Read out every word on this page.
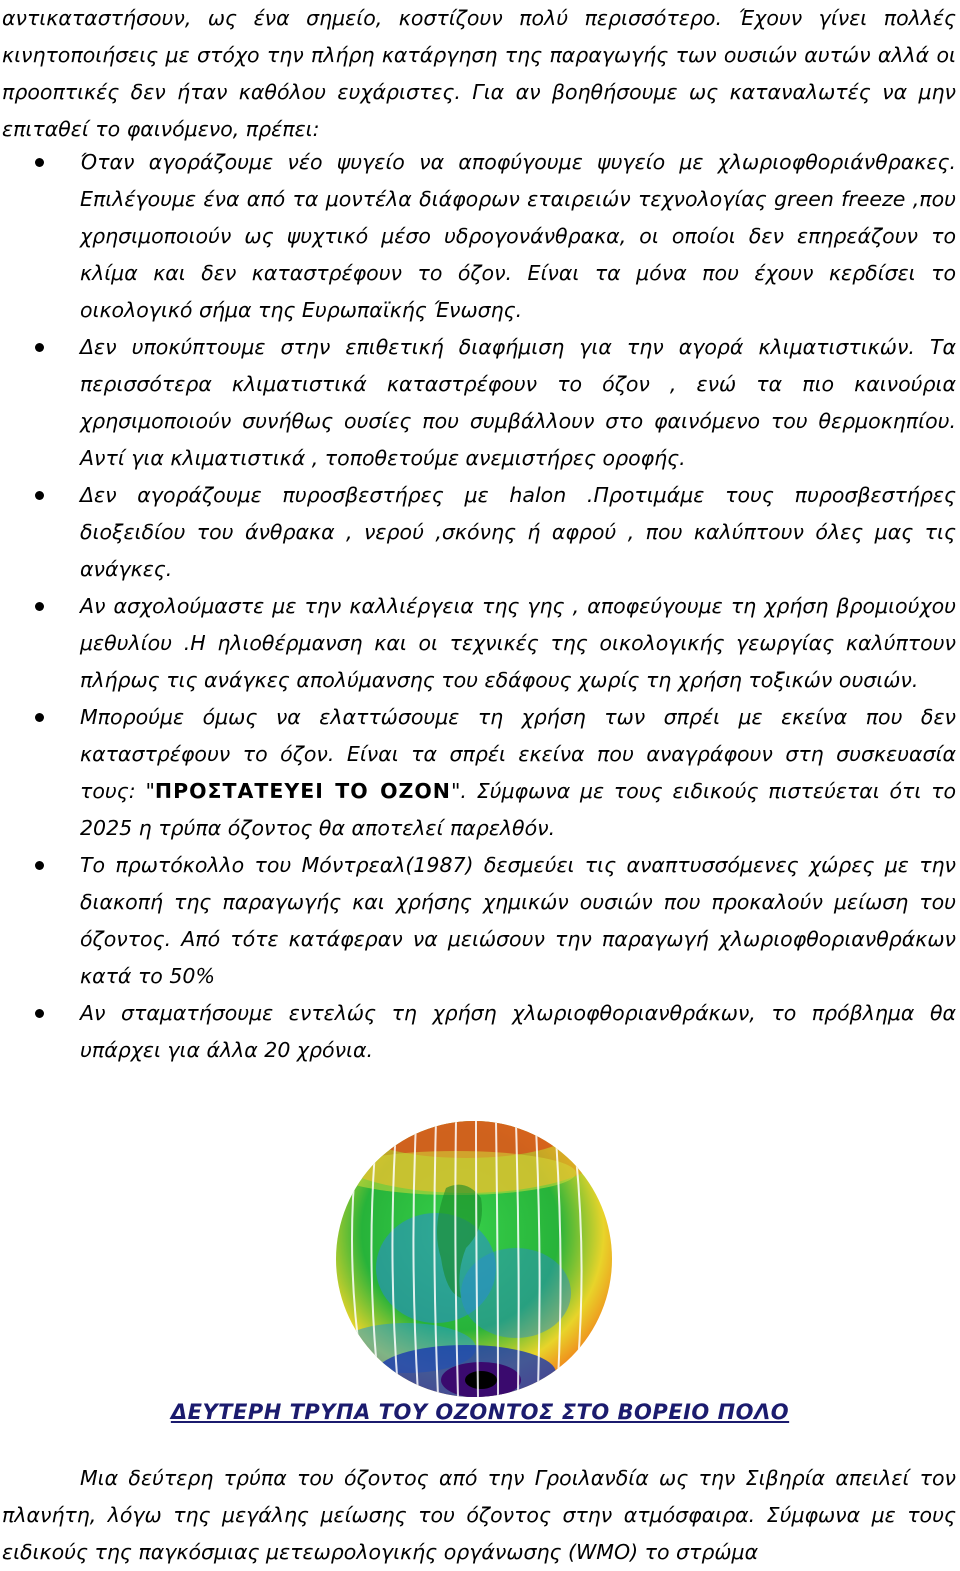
αντικαταστήσουν, ως ένα σημείο, κοστίζουν πολύ περισσότερο. Έχουν γίνει πολλές κινητοποιήσεις με στόχο την πλήρη κατάργηση της παραγωγής των ουσιών αυτών αλλά οι προοπτικές δεν ήταν καθόλου ευχάριστες. Για αν βοηθήσουμε ως καταναλωτές να μην επιταθεί το φαινόμενο, πρέπει:

Όταν αγοράζουμε νέο ψυγείο να αποφύγουμε ψυγείο με χλωριοφθοριάνθρακες. Επιλέγουμε ένα από τα μοντέλα διάφορων εταιρειών τεχνολογίας green freeze ,που χρησιμοποιούν ως ψυχτικό μέσο υδρογονάνθρακα, οι οποίοι δεν επηρεάζουν το κλίμα και δεν καταστρέφουν το όζον. Είναι τα μόνα που έχουν κερδίσει το οικολογικό σήμα της Ευρωπαϊκής Ένωσης.
Δεν υποκύπτουμε στην επιθετική διαφήμιση για την αγορά κλιματιστικών. Τα περισσότερα κλιματιστικά καταστρέφουν το όζον , ενώ τα πιο καινούρια χρησιμοποιούν συνήθως ουσίες που συμβάλλουν στο φαινόμενο του θερμοκηπίου. Αντί για κλιματιστικά , τοποθετούμε ανεμιστήρες οροφής.
Δεν αγοράζουμε πυροσβεστήρες με halon .Προτιμάμε τους πυροσβεστήρες διοξειδίου του άνθρακα , νερού ,σκόνης ή αφρού , που καλύπτουν όλες μας τις ανάγκες.
Αν ασχολούμαστε με την καλλιέργεια της γης , αποφεύγουμε τη χρήση βρομιούχου μεθυλίου .Η ηλιοθέρμανση και οι τεχνικές της οικολογικής γεωργίας καλύπτουν πλήρως τις ανάγκες απολύμανσης του εδάφους χωρίς τη χρήση τοξικών ουσιών.
Μπορούμε όμως να ελαττώσουμε τη χρήση των σπρέι με εκείνα που δεν καταστρέφουν το όζον. Είναι τα σπρέι εκείνα που αναγράφουν στη συσκευασία τους: "ΠΡΟΣΤΑΤΕΥΕΙ ΤΟ ΟΖΟΝ". Σύμφωνα με τους ειδικούς πιστεύεται ότι το 2025 η τρύπα όζοντος θα αποτελεί παρελθόν.
Το πρωτόκολλο του Μόντρεαλ(1987) δεσμεύει τις αναπτυσσόμενες χώρες με την διακοπή της παραγωγής και χρήσης χημικών ουσιών που προκαλούν μείωση του όζοντος. Από τότε κατάφεραν να μειώσουν την παραγωγή χλωριοφθοριανθράκων κατά το 50%
Αν σταματήσουμε εντελώς τη χρήση χλωριοφθοριανθράκων, το πρόβλημα θα υπάρχει για άλλα 20 χρόνια.

ΔΕΥΤΕΡΗ ΤΡΥΠΑ ΤΟΥ ΟΖΟΝΤΟΣ ΣΤΟ ΒΟΡΕΙΟ ΠΟΛΟ

Μια δεύτερη τρύπα του όζοντος από την Γροιλανδία ως την Σιβηρία απειλεί τον πλανήτη, λόγω της μεγάλης μείωσης του όζοντος στην ατμόσφαιρα. Σύμφωνα με τους ειδικούς της παγκόσμιας μετεωρολογικής οργάνωσης (WMO) το στρώμα
